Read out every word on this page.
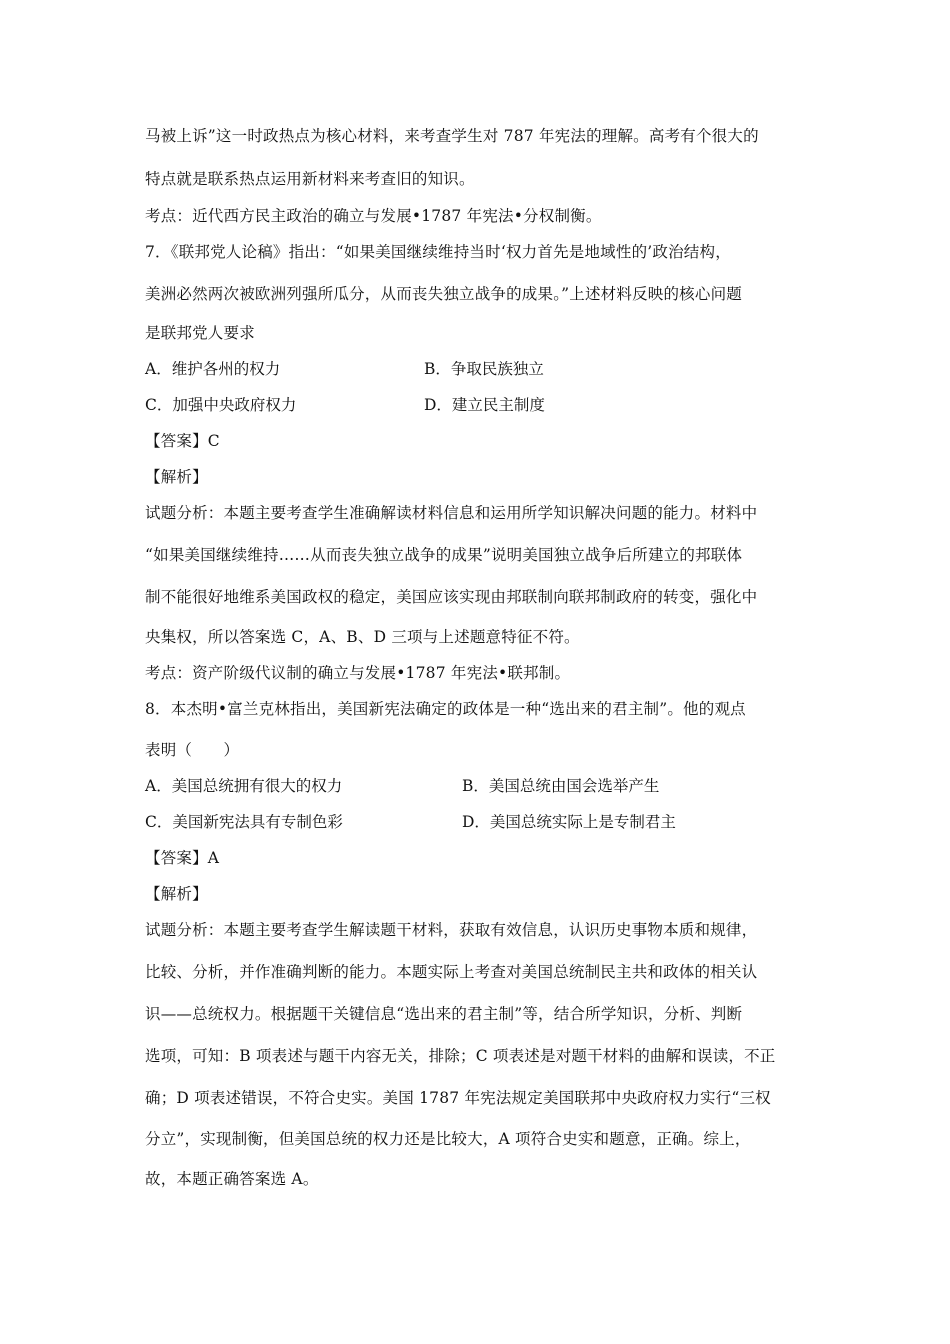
马被上诉”这一时政热点为核心材料，来考查学生对 787 年宪法的理解。高考有个很大的
特点就是联系热点运用新材料来考查旧的知识。
考点：近代西方民主政治的确立与发展•1787 年宪法•分权制衡。
7．《联邦党人论稿》指出：“如果美国继续维持当时‘权力首先是地域性的’政治结构，
美洲必然两次被欧洲列强所瓜分，从而丧失独立战争的成果。”上述材料反映的核心问题
是联邦党人要求
A．维护各州的权力	B．争取民族独立
C．加强中央政府权力	D．建立民主制度
【答案】C
【解析】
试题分析：本题主要考查学生准确解读材料信息和运用所学知识解决问题的能力。材料中
“如果美国继续维持……从而丧失独立战争的成果”说明美国独立战争后所建立的邦联体
制不能很好地维系美国政权的稳定，美国应该实现由邦联制向联邦制政府的转变，强化中
央集权，所以答案选 C，A、B、D 三项与上述题意特征不符。
考点：资产阶级代议制的确立与发展•1787 年宪法•联邦制。
8．本杰明•富兰克林指出，美国新宪法确定的政体是一种“选出来的君主制”。他的观点
表明（　　）
A．美国总统拥有很大的权力	B．美国总统由国会选举产生
C．美国新宪法具有专制色彩	D．美国总统实际上是专制君主
【答案】A
【解析】
试题分析：本题主要考查学生解读题干材料，获取有效信息，认识历史事物本质和规律，
比较、分析，并作准确判断的能力。本题实际上考查对美国总统制民主共和政体的相关认
识——总统权力。根据题干关键信息“选出来的君主制”等，结合所学知识，分析、判断
选项，可知：B 项表述与题干内容无关，排除；C 项表述是对题干材料的曲解和误读，不正
确；D 项表述错误，不符合史实。美国 1787 年宪法规定美国联邦中央政府权力实行“三权
分立”，实现制衡，但美国总统的权力还是比较大，A 项符合史实和题意，正确。综上，
故，本题正确答案选 A。
